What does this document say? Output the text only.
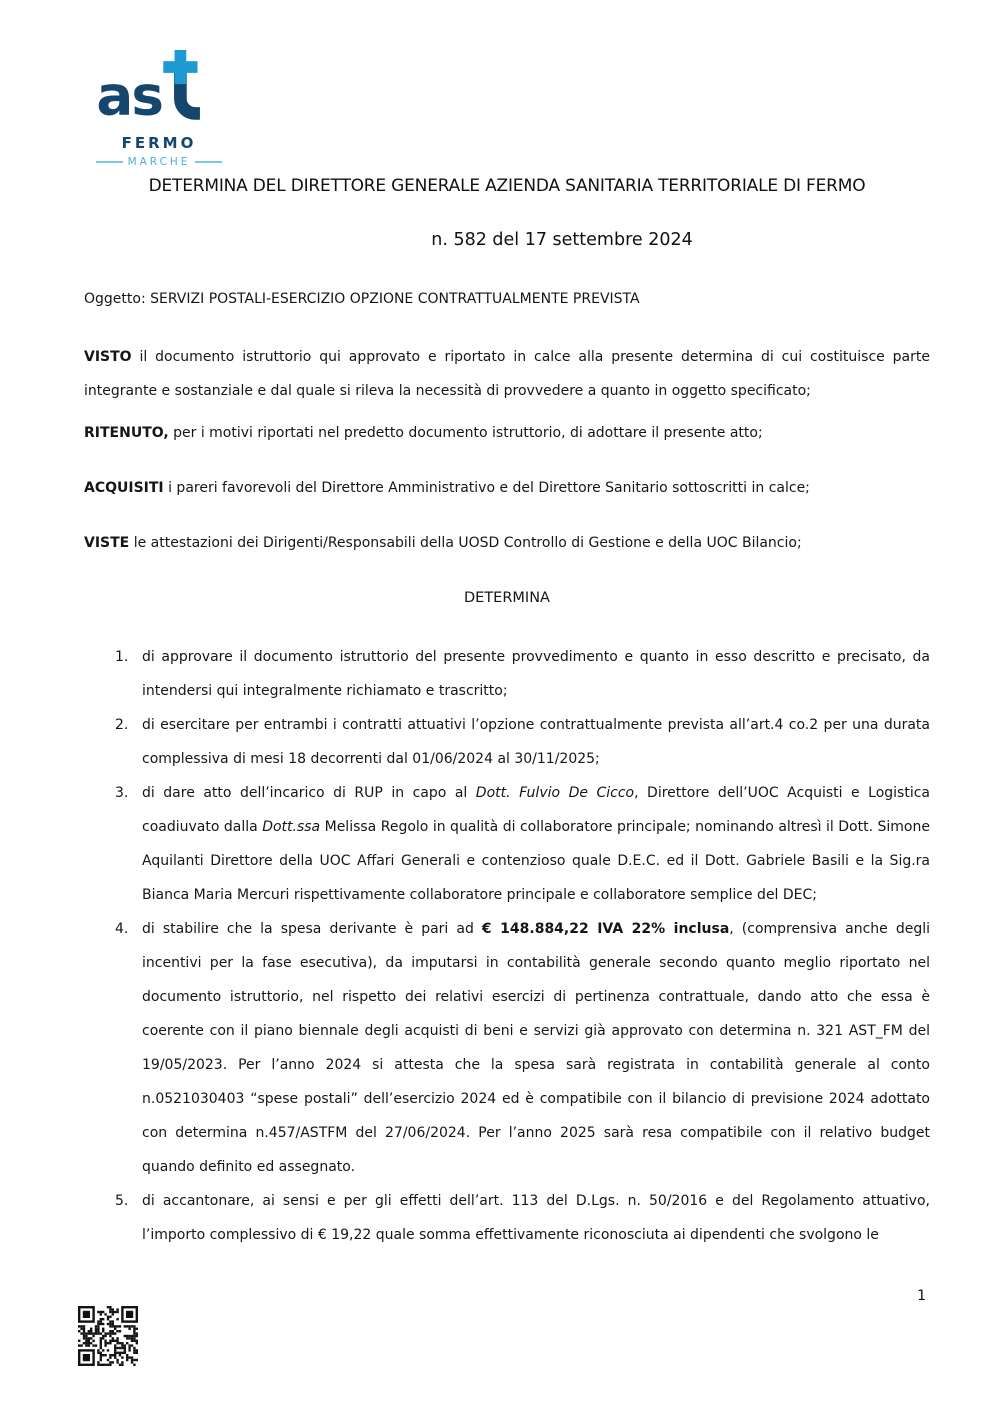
as
FERMO
MARCHE
DETERMINA DEL DIRETTORE GENERALE AZIENDA SANITARIA TERRITORIALE DI FERMO
n. 582 del 17 settembre 2024

Oggetto: SERVIZI POSTALI-ESERCIZIO OPZIONE CONTRATTUALMENTE PREVISTA

VISTO il documento istruttorio qui approvato e riportato in calce alla presente determina di cui costituisce parte integrante e sostanziale e dal quale si rileva la necessità di provvedere a quanto in oggetto specificato;

RITENUTO, per i motivi riportati nel predetto documento istruttorio, di adottare il presente atto;

ACQUISITI i pareri favorevoli del Direttore Amministrativo e del Direttore Sanitario sottoscritti in calce;

VISTE le attestazioni dei Dirigenti/Responsabili della UOSD Controllo di Gestione e della UOC Bilancio;

DETERMINA

1. di approvare il documento istruttorio del presente provvedimento e quanto in esso descritto e precisato, da intendersi qui integralmente richiamato e trascritto;
2. di esercitare per entrambi i contratti attuativi l’opzione contrattualmente prevista all’art.4 co.2 per una durata complessiva di mesi 18 decorrenti dal 01/06/2024 al 30/11/2025;
3. di dare atto dell’incarico di RUP in capo al Dott. Fulvio De Cicco, Direttore dell’UOC Acquisti e Logistica coadiuvato dalla Dott.ssa Melissa Regolo in qualità di collaboratore principale; nominando altresì il Dott. Simone Aquilanti Direttore della UOC Affari Generali e contenzioso quale D.E.C. ed il Dott. Gabriele Basili e la Sig.ra Bianca Maria Mercuri rispettivamente collaboratore principale e collaboratore semplice del DEC;
4. di stabilire che la spesa derivante è pari ad € 148.884,22 IVA 22% inclusa, (comprensiva anche degli incentivi per la fase esecutiva), da imputarsi in contabilità generale secondo quanto meglio riportato nel documento istruttorio, nel rispetto dei relativi esercizi di pertinenza contrattuale, dando atto che essa è coerente con il piano biennale degli acquisti di beni e servizi già approvato con determina n. 321 AST_FM del 19/05/2023. Per l’anno 2024 si attesta che la spesa sarà registrata in contabilità generale al conto n.0521030403 “spese postali” dell’esercizio 2024 ed è compatibile con il bilancio di previsione 2024 adottato con determina n.457/ASTFM del 27/06/2024. Per l’anno 2025 sarà resa compatibile con il relativo budget quando definito ed assegnato.
5. di accantonare, ai sensi e per gli effetti dell’art. 113 del D.Lgs. n. 50/2016 e del Regolamento attuativo, l’importo complessivo di € 19,22 quale somma effettivamente riconosciuta ai dipendenti che svolgono le
1
